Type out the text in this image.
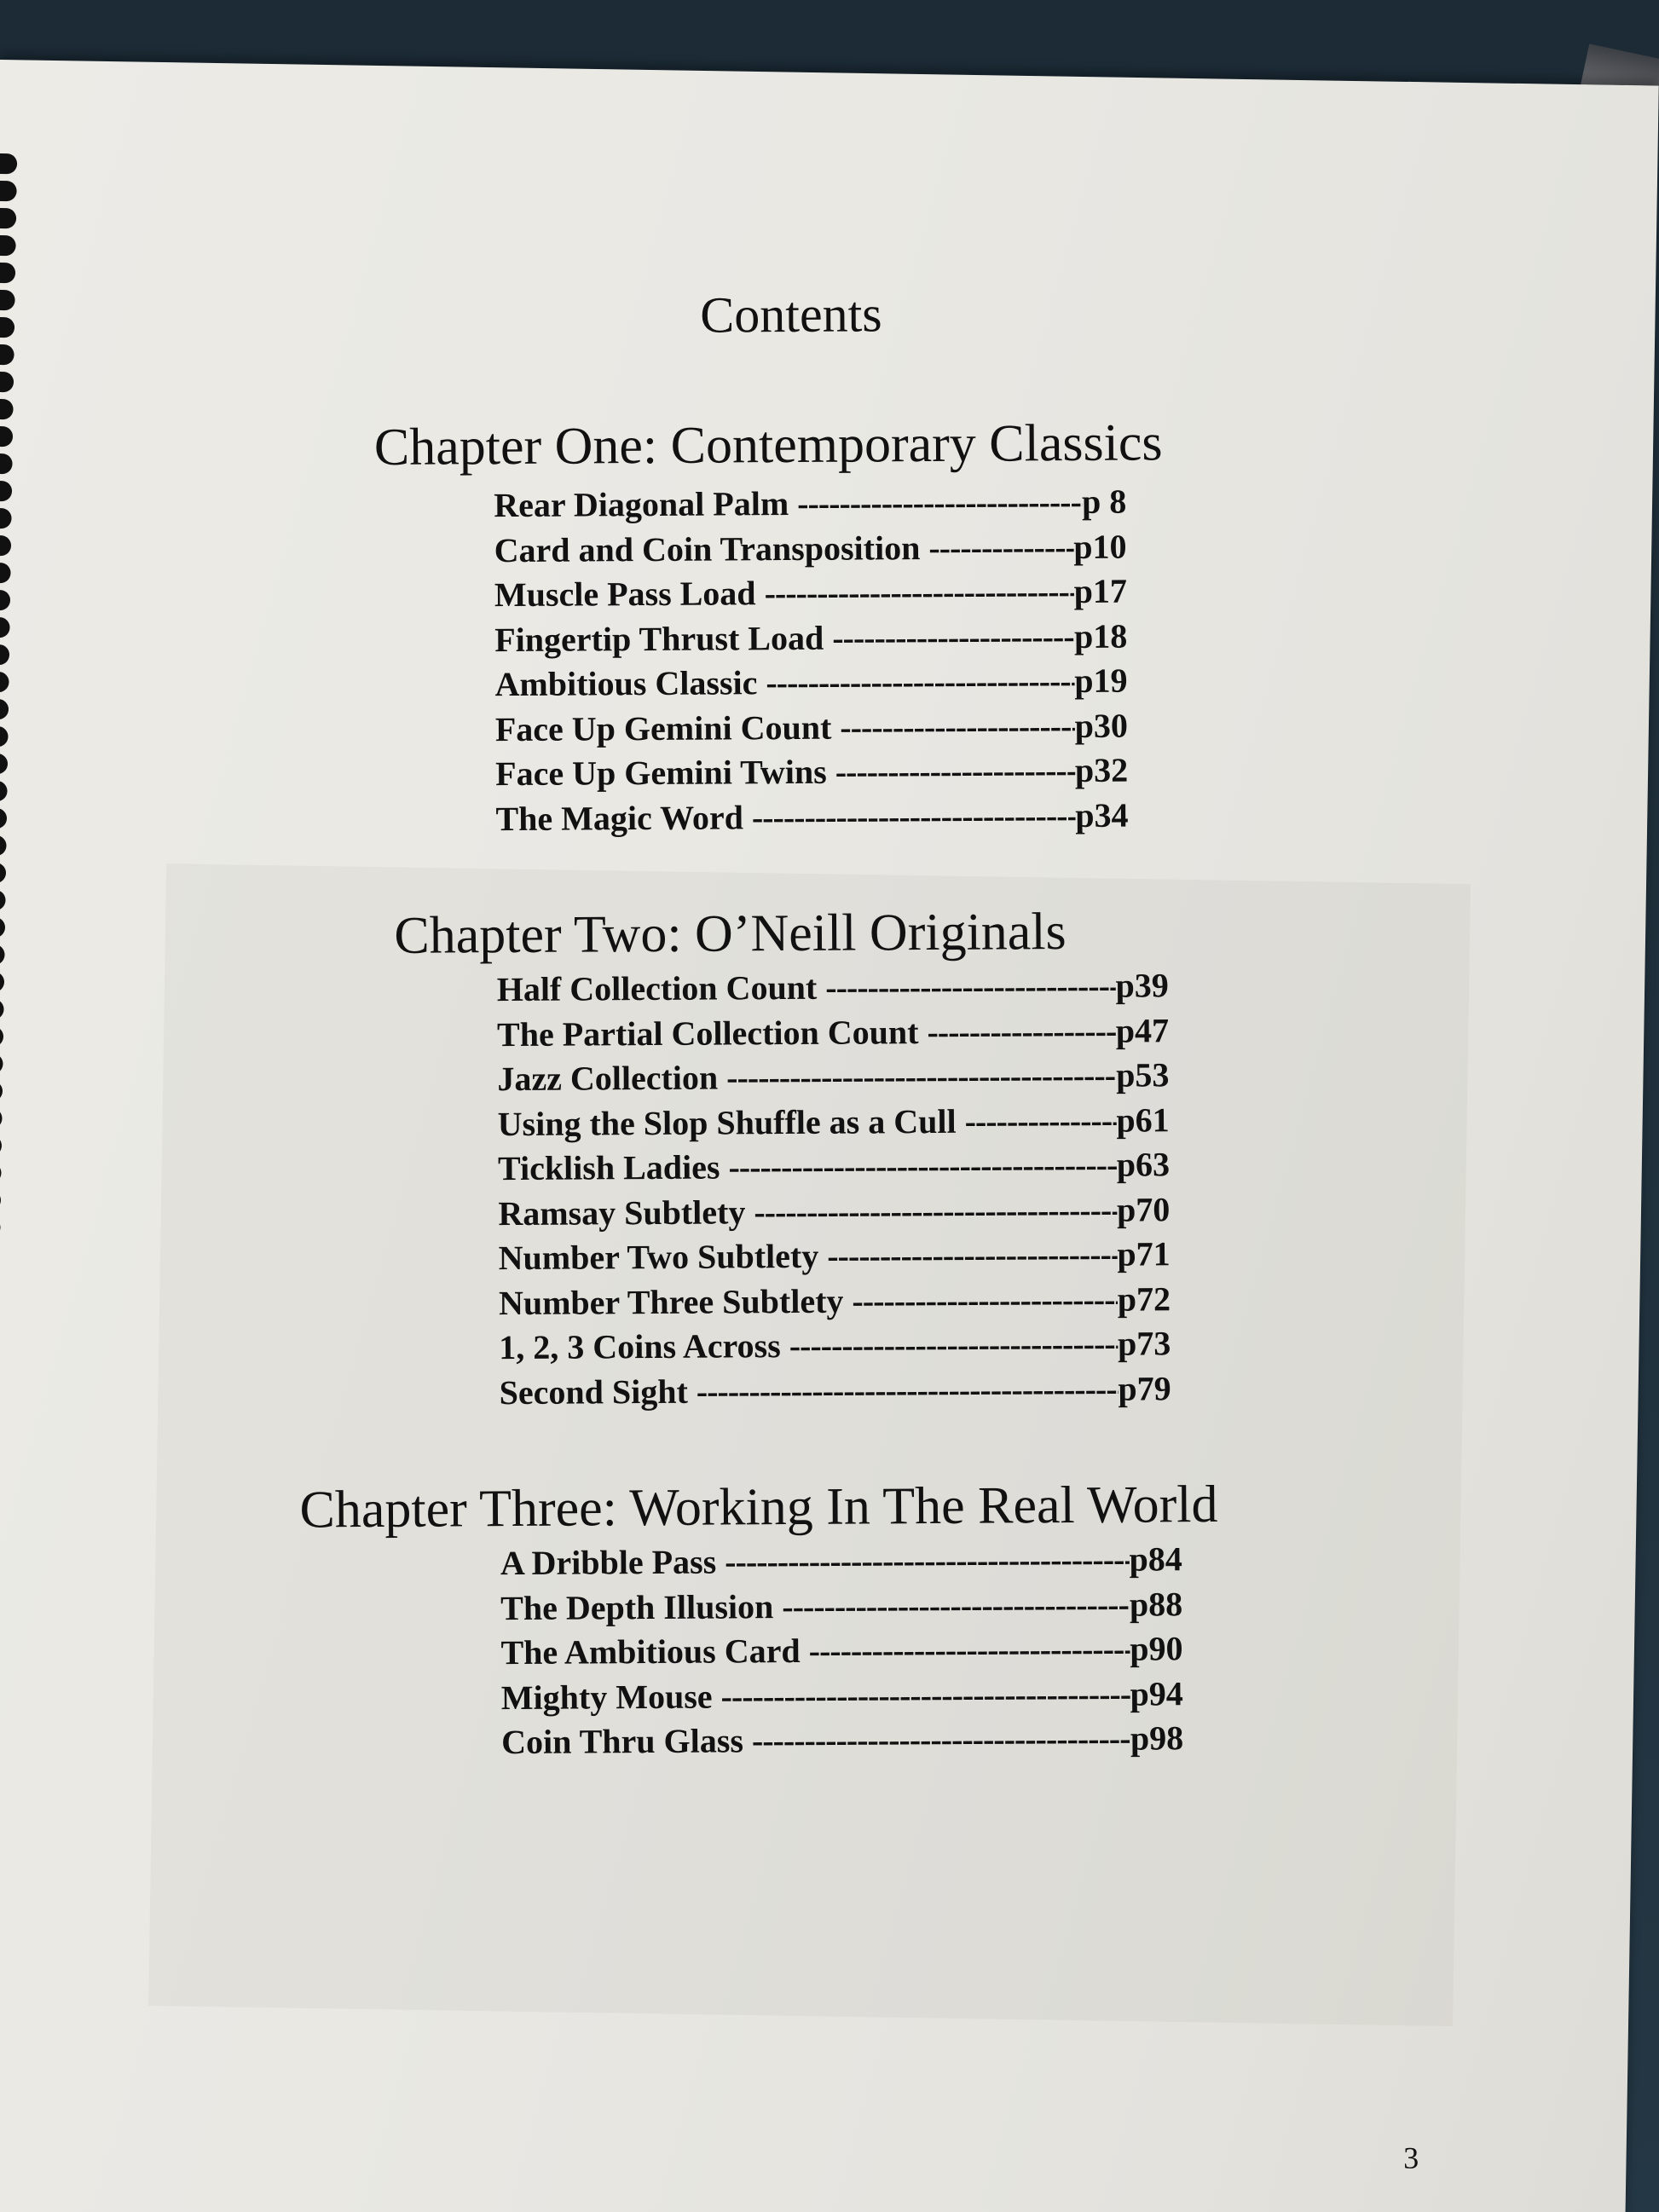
Contents
Chapter One: Contemporary Classics
Rear Diagonal Palm -----	p 8
Card and Coin Transposition -----	p10
Muscle Pass Load -----	p17
Fingertip Thrust Load -----	p18
Ambitious Classic -----	p19
Face Up Gemini Count -----	p30
Face Up Gemini Twins -----	p32
The Magic Word -----	p34
Chapter Two: O’Neill Originals
Half Collection Count -----	p39
The Partial Collection Count -----	p47
Jazz Collection -----	p53
Using the Slop Shuffle as a Cull -----	p61
Ticklish Ladies -----	p63
Ramsay Subtlety -----	p70
Number Two Subtlety -----	p71
Number Three Subtlety -----	p72
1, 2, 3 Coins Across -----	p73
Second Sight -----	p79
Chapter Three: Working In The Real World
A Dribble Pass -----	p84
The Depth Illusion -----	p88
The Ambitious Card -----	p90
Mighty Mouse -----	p94
Coin Thru Glass -----	p98
3
